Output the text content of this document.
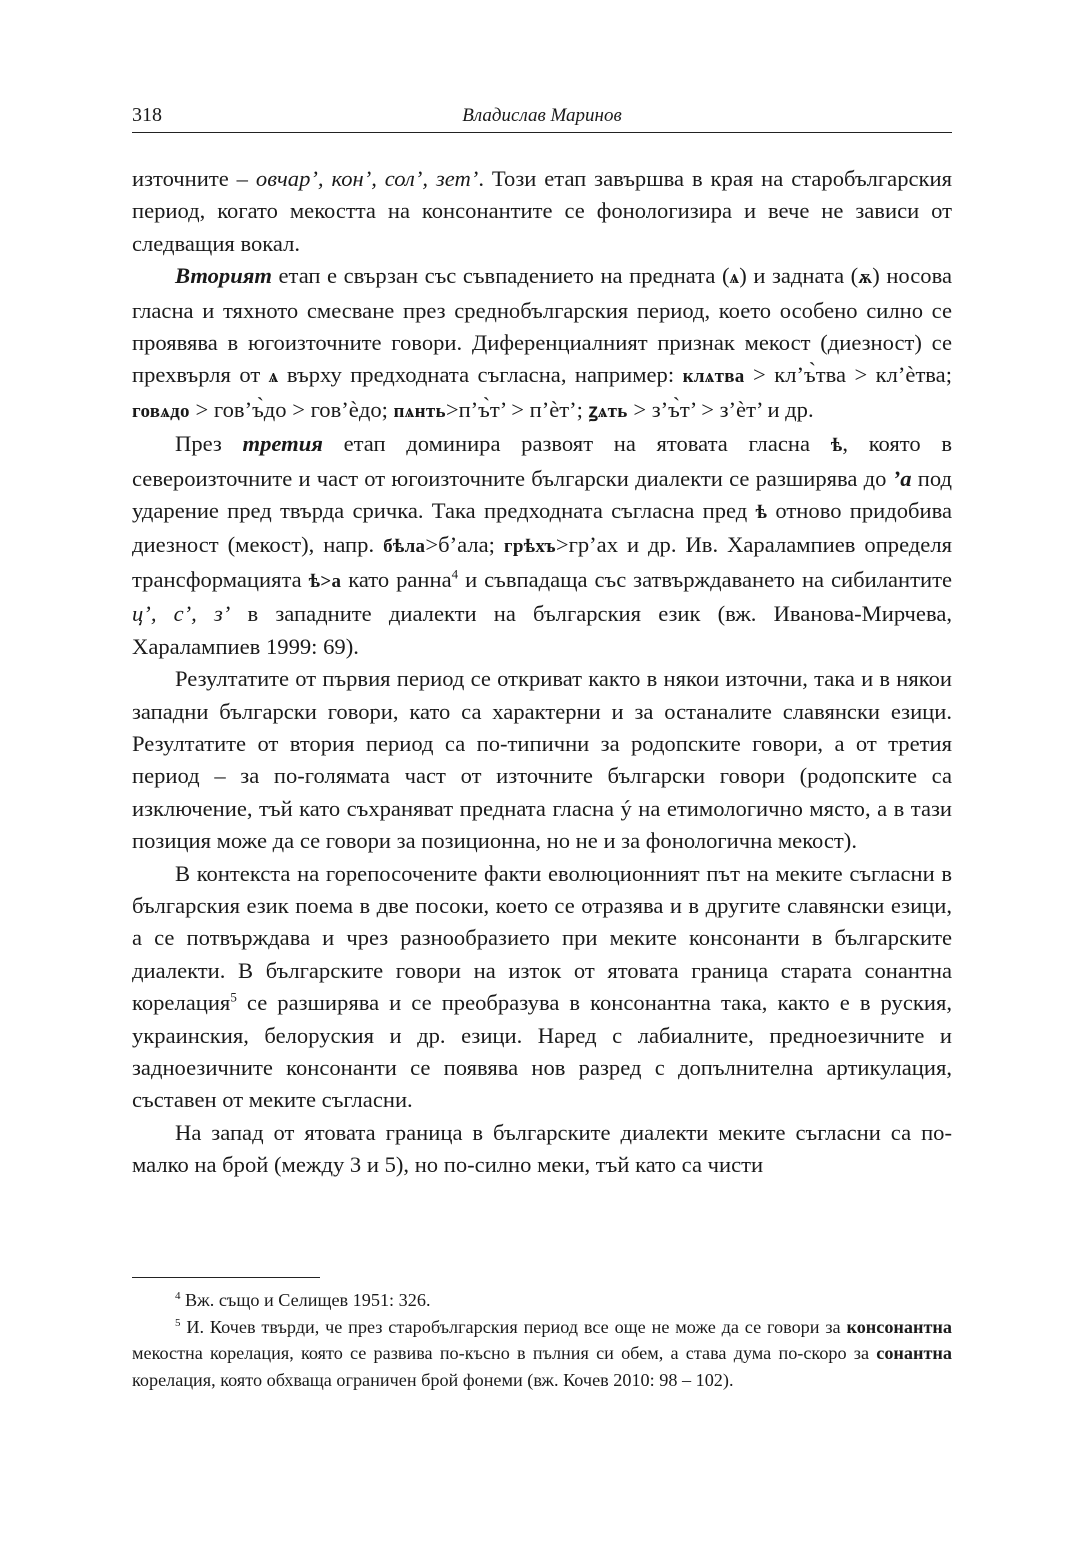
318	Владислав Маринов

източните – овчар’, кон’, сол’, зет’. Този етап завършва в края на старобългарския период, когато мекостта на консонантите се фонологизира и вече не зависи от следващия вокал.

Вторият етап е свързан със съвпадението на предната (ѧ) и задната (ѫ) носова гласна и тяхното смесване през среднобългарския период, което особено силно се проявява в югоизточните говори. Диференциалният признак мекост (диезност) се прехвърля от ѧ върху предходната съгласна, например: клѧтва > кл’ъ̀тва > кл’ѐтва; говѧдо > гов’ъ̀до > гов’ѐдо; пѧнть>п’ъ̀т’ > п’ѐт’; ꙁѧть > з’ъ̀т’ > з’ѐт’ и др.

През третия етап доминира развоят на ятовата гласна ѣ, която в североизточните и част от югоизточните български диалекти се разширява до ’а под ударение пред твърда сричка. Така предходната съгласна пред ѣ отново придобива диезност (мекост), напр. бѣла>б’ала; грѣхъ>гр’ах и др. Ив. Харалампиев определя трансформацията ѣ>а като ранна$^4$ и съвпадаща със затвърждаването на сибилантите ц’, с’, з’ в западните диалекти на българския език (вж. Иванова-Мирчева, Харалампиев 1999: 69).

Резултатите от първия период се откриват както в някои източни, така и в някои западни български говори, като са характерни и за останалите славянски езици. Резултатите от втория период са по-типични за родопските говори, а от третия период – за по-голямата част от източните български говори (родопските са изключение, тъй като съхраняват предната гласна ý на етимологично място, а в тази позиция може да се говори за позиционна, но не и за фонологична мекост).

В контекста на горепосочените факти еволюционният път на меките съгласни в българския език поема в две посоки, което се отразява и в другите славянски езици, а се потвърждава и чрез разнообразието при меките консонанти в българските диалекти. В българските говори на изток от ятовата граница старата сонантна корелация$^5$ се разширява и се преобразува в консонантна така, както е в руския, украинския, белоруския и др. езици. Наред с лабиалните, предноезичните и задноезичните консонанти се появява нов разред с допълнителна артикулация, съставен от меките съгласни.

На запад от ятовата граница в българските диалекти меките съгласни са по-малко на брой (между 3 и 5), но по-силно меки, тъй като са чисти

$^4$ Вж. също и Селищев 1951: 326.

$^5$ И. Кочев твърди, че през старобългарския период все още не може да се говори за консонантна мекостна корелация, която се развива по-късно в пълния си обем, а става дума по-скоро за сонантна корелация, която обхваща ограничен брой фонеми (вж. Кочев 2010: 98 – 102).
